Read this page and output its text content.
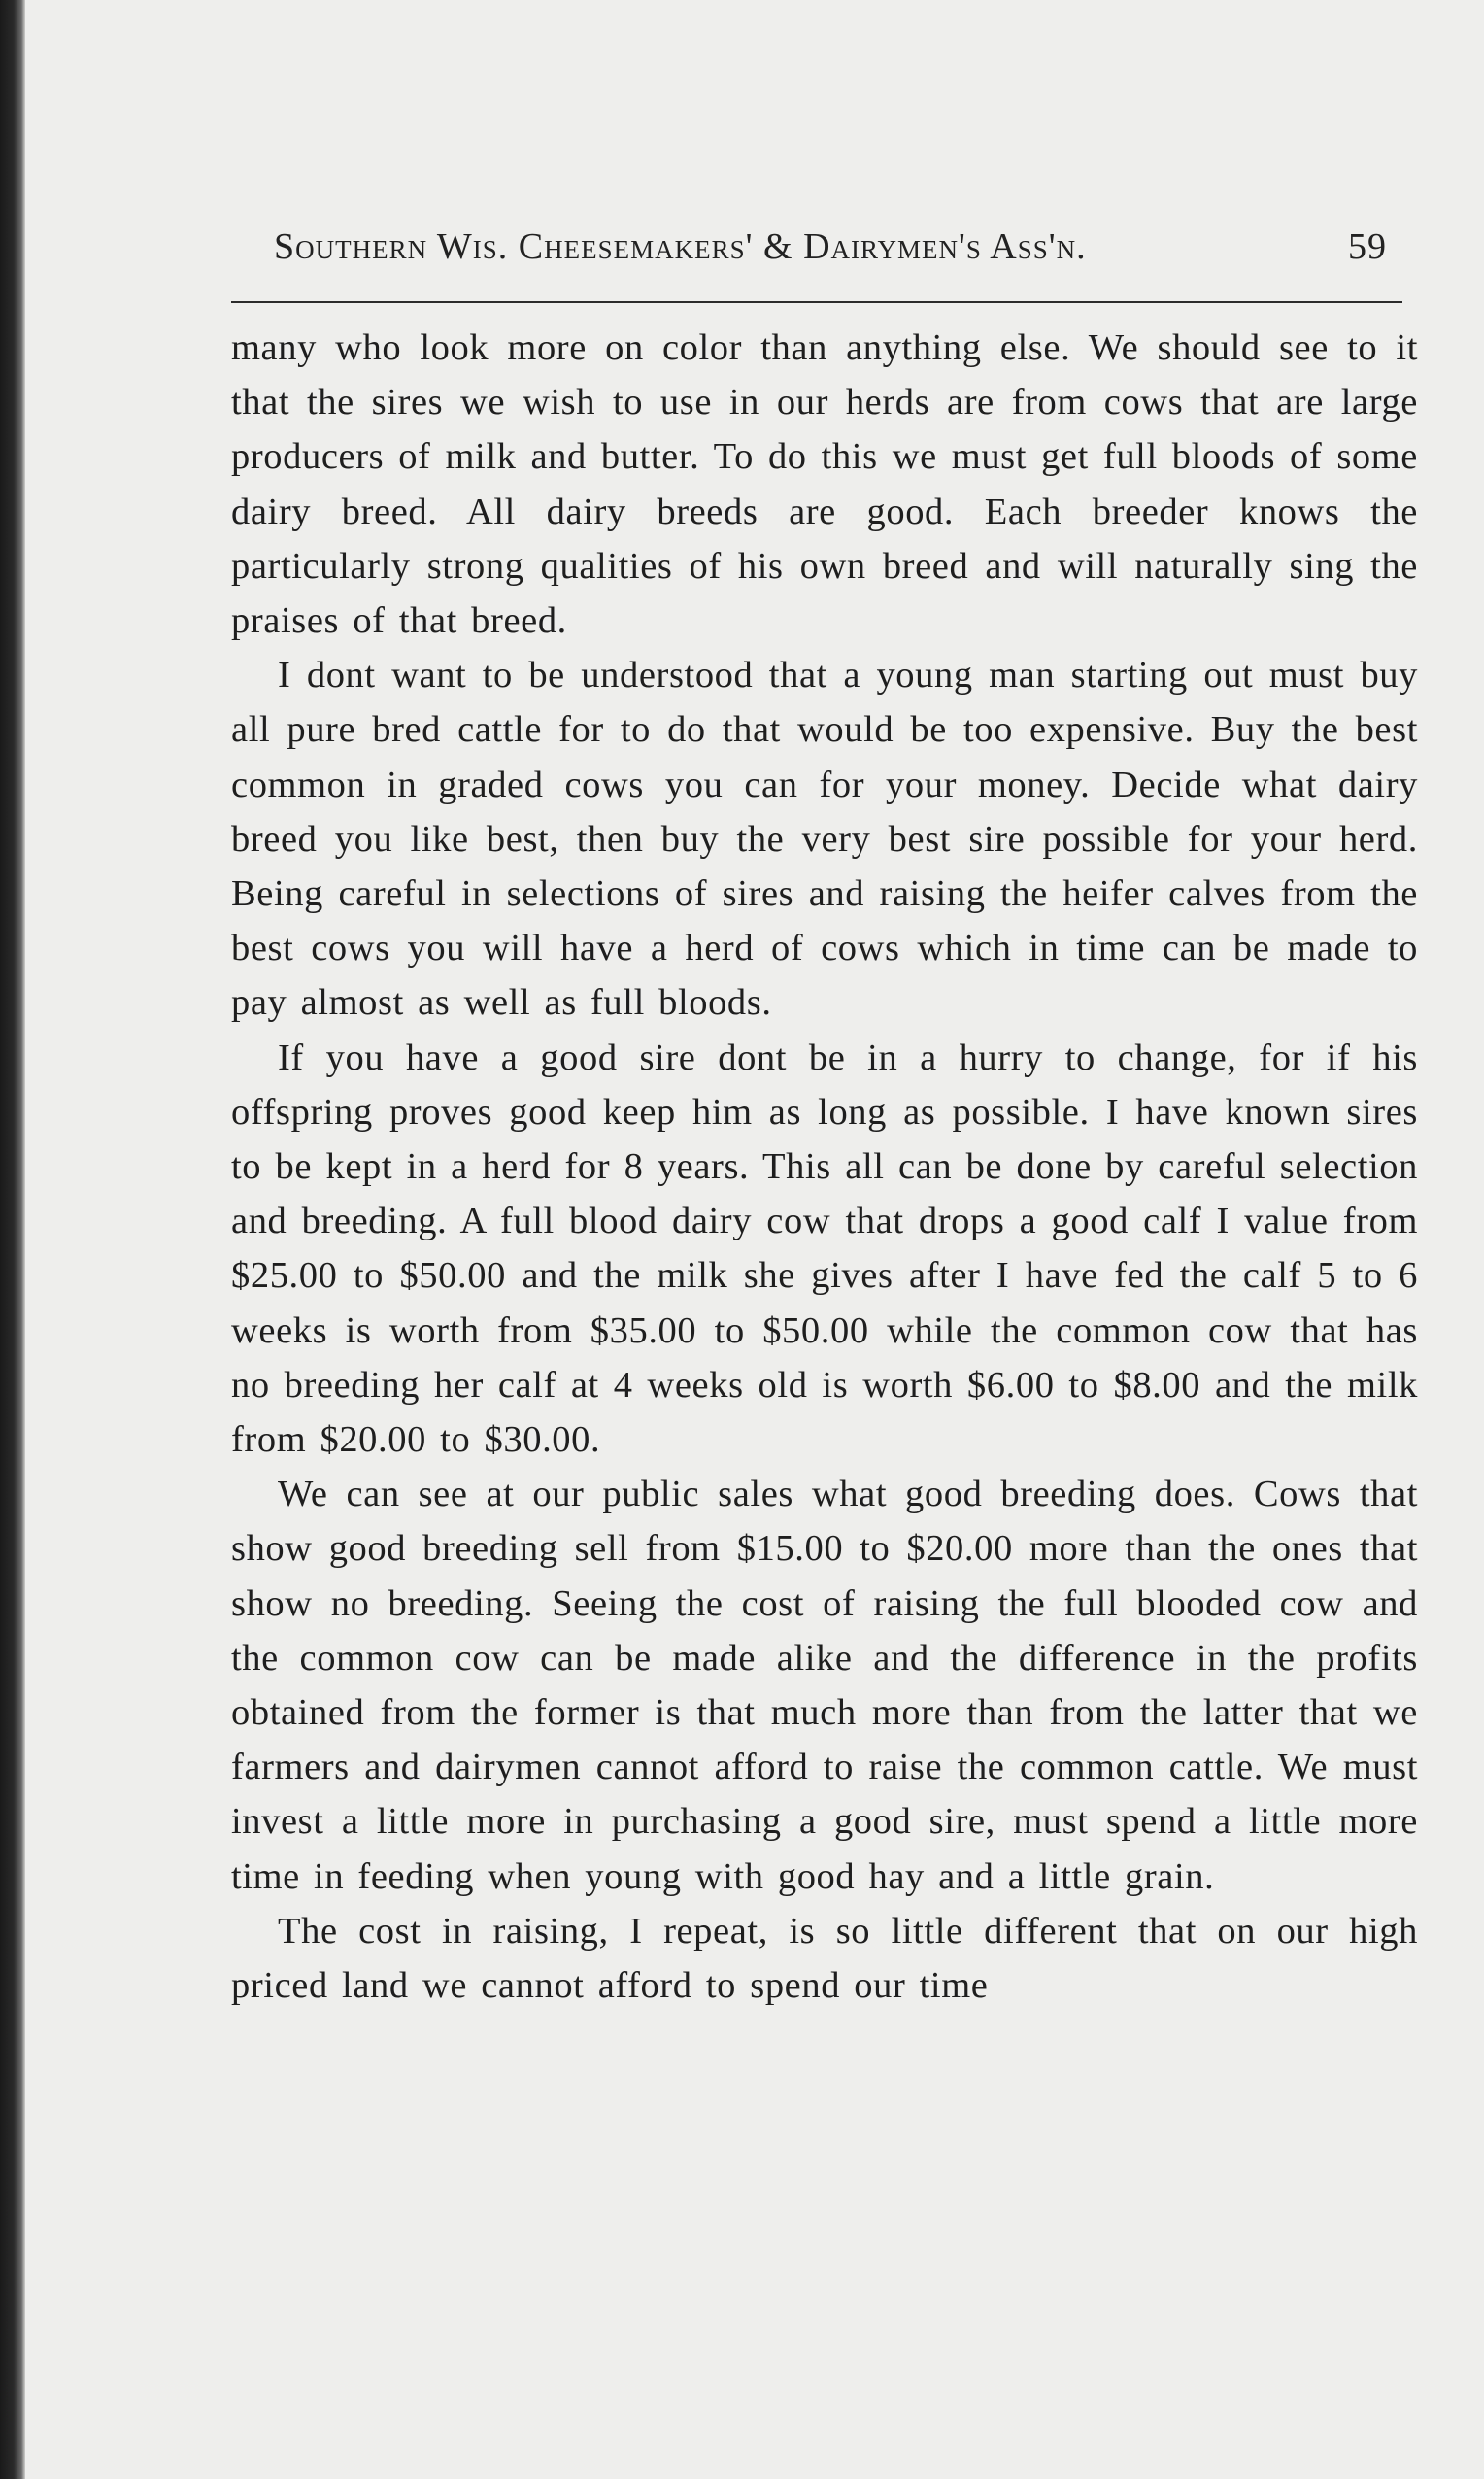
Southern Wis. Cheesemakers' & Dairymen's Ass'n.	59

many who look more on color than anything else. We should see to it that the sires we wish to use in our herds are from cows that are large producers of milk and butter. To do this we must get full bloods of some dairy breed. All dairy breeds are good. Each breeder knows the particularly strong qualities of his own breed and will naturally sing the praises of that breed.

I dont want to be understood that a young man starting out must buy all pure bred cattle for to do that would be too expensive. Buy the best common in graded cows you can for your money. Decide what dairy breed you like best, then buy the very best sire possible for your herd. Being careful in selections of sires and raising the heifer calves from the best cows you will have a herd of cows which in time can be made to pay almost as well as full bloods.

If you have a good sire dont be in a hurry to change, for if his offspring proves good keep him as long as possible. I have known sires to be kept in a herd for 8 years. This all can be done by careful selection and breeding. A full blood dairy cow that drops a good calf I value from $25.00 to $50.00 and the milk she gives after I have fed the calf 5 to 6 weeks is worth from $35.00 to $50.00 while the common cow that has no breeding her calf at 4 weeks old is worth $6.00 to $8.00 and the milk from $20.00 to $30.00.

We can see at our public sales what good breeding does. Cows that show good breeding sell from $15.00 to $20.00 more than the ones that show no breeding. Seeing the cost of raising the full blooded cow and the common cow can be made alike and the difference in the profits obtained from the former is that much more than from the latter that we farmers and dairymen cannot afford to raise the common cattle. We must invest a little more in purchasing a good sire, must spend a little more time in feeding when young with good hay and a little grain.

The cost in raising, I repeat, is so little different that on our high priced land we cannot afford to spend our time
